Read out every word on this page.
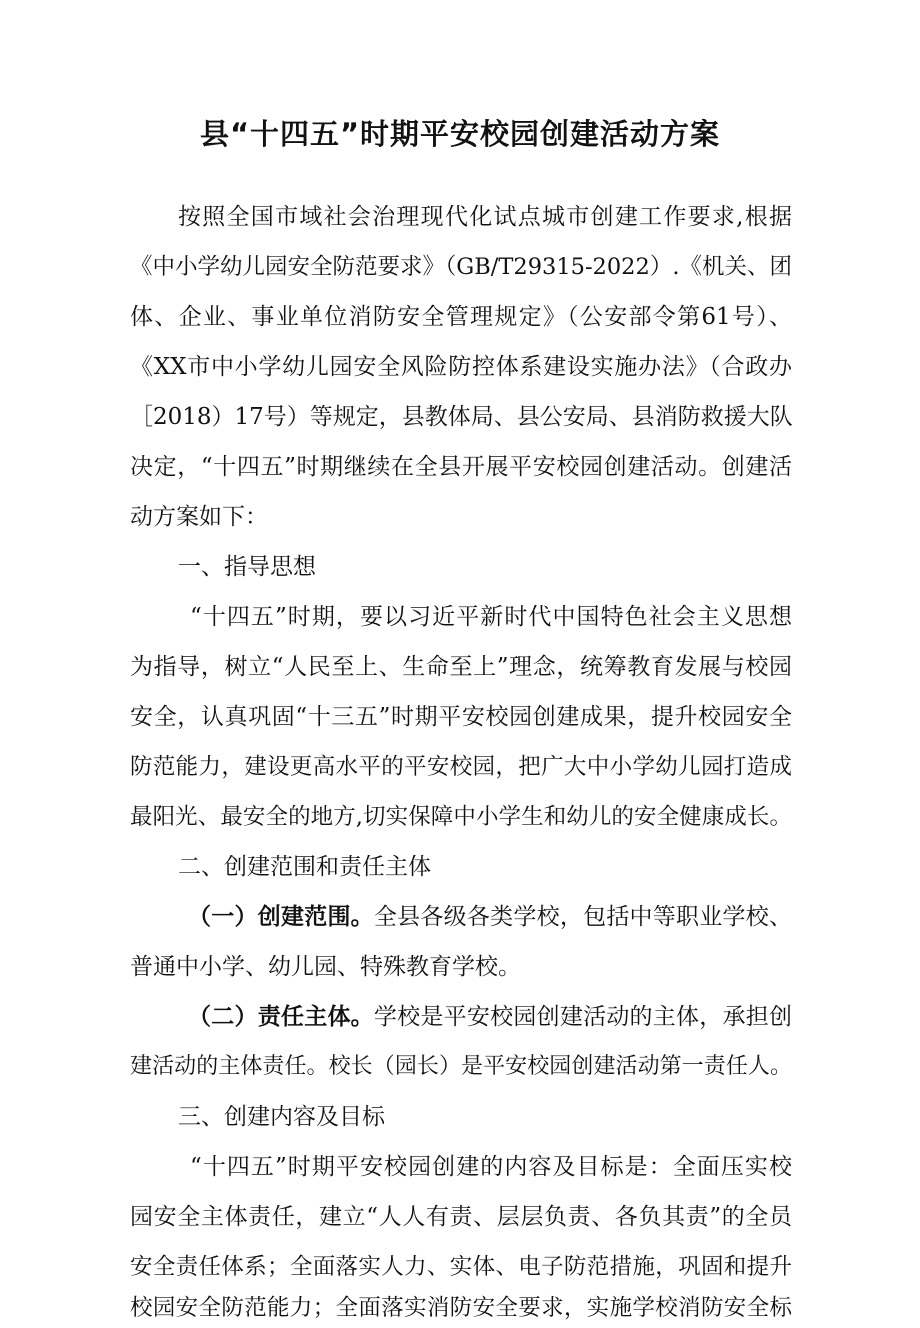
县“十四五”时期平安校园创建活动方案
按照全国市域社会治理现代化试点城市创建工作要求,根据
《中小学幼儿园安全防范要求》（GB/T29315-2022）.《机关、团
体、企业、事业单位消防安全管理规定》（公安部令第61号）、
《XX市中小学幼儿园安全风险防控体系建设实施办法》（合政办
［2018）17号）等规定，县教体局、县公安局、县消防救援大队
决定，“十四五”时期继续在全县开展平安校园创建活动。创建活
动方案如下：
一、指导思想
“十四五”时期，要以习近平新时代中国特色社会主义思想
为指导，树立“人民至上、生命至上”理念，统筹教育发展与校园
安全，认真巩固“十三五”时期平安校园创建成果，提升校园安全
防范能力，建设更高水平的平安校园，把广大中小学幼儿园打造成
最阳光、最安全的地方,切实保障中小学生和幼儿的安全健康成长。
二、创建范围和责任主体
（一）创建范围。全县各级各类学校，包括中等职业学校、
普通中小学、幼儿园、特殊教育学校。
（二）责任主体。学校是平安校园创建活动的主体，承担创
建活动的主体责任。校长（园长）是平安校园创建活动第一责任人。
三、创建内容及目标
“十四五”时期平安校园创建的内容及目标是：全面压实校
园安全主体责任，建立“人人有责、层层负责、各负其责”的全员
安全责任体系；全面落实人力、实体、电子防范措施，巩固和提升
校园安全防范能力；全面落实消防安全要求，实施学校消防安全标
